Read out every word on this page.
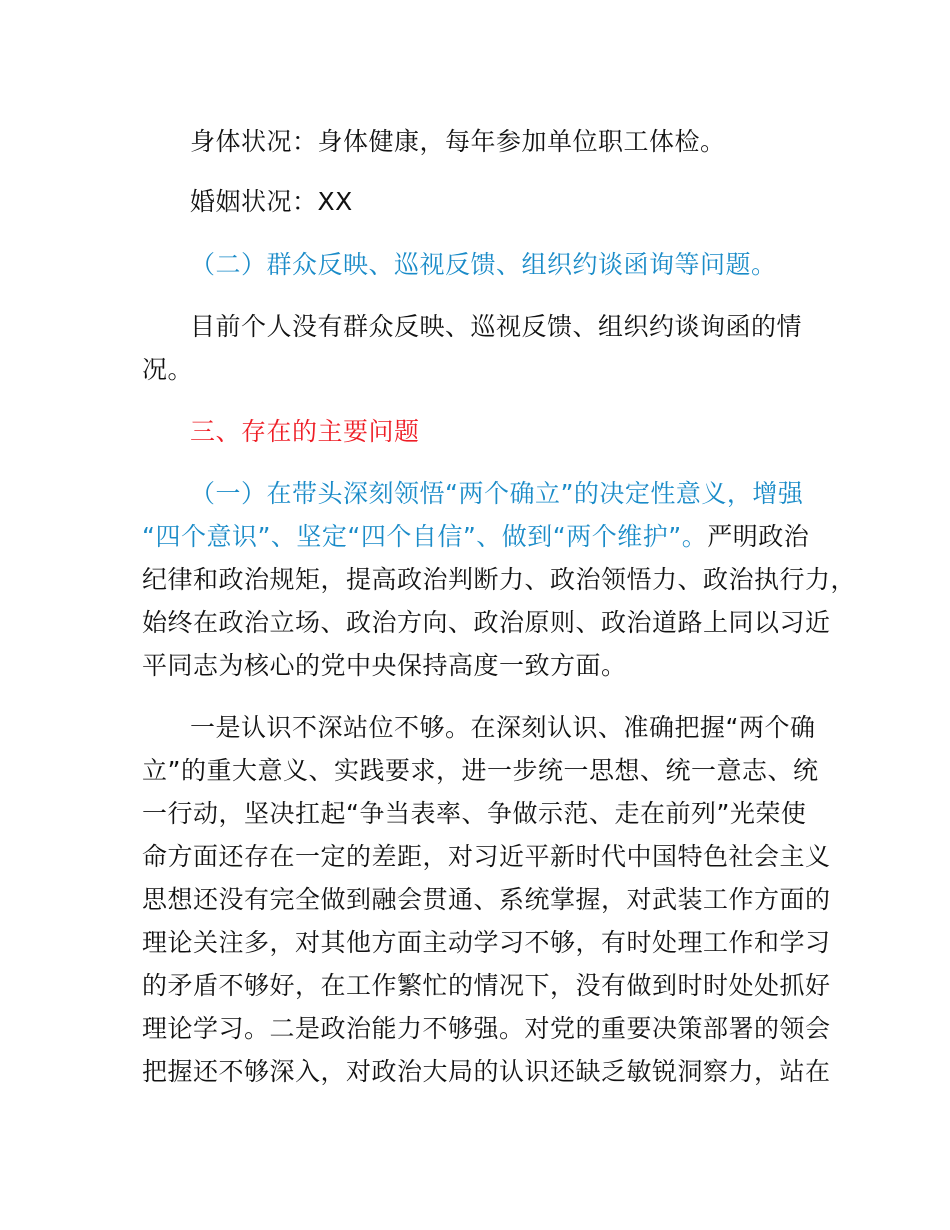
身体状况：身体健康，每年参加单位职工体检。
婚姻状况：XX
（二）群众反映、巡视反馈、组织约谈函询等问题。
目前个人没有群众反映、巡视反馈、组织约谈询函的情
况。
三、存在的主要问题
（一）在带头深刻领悟“两个确立”的决定性意义，增强
“四个意识”、坚定“四个自信”、做到“两个维护”。严明政治
纪律和政治规矩，提高政治判断力、政治领悟力、政治执行力，
始终在政治立场、政治方向、政治原则、政治道路上同以习近
平同志为核心的党中央保持高度一致方面。
一是认识不深站位不够。在深刻认识、准确把握“两个确
立”的重大意义、实践要求，进一步统一思想、统一意志、统
一行动，坚决扛起“争当表率、争做示范、走在前列”光荣使
命方面还存在一定的差距，对习近平新时代中国特色社会主义
思想还没有完全做到融会贯通、系统掌握，对武装工作方面的
理论关注多，对其他方面主动学习不够，有时处理工作和学习
的矛盾不够好，在工作繁忙的情况下，没有做到时时处处抓好
理论学习。二是政治能力不够强。对党的重要决策部署的领会
把握还不够深入，对政治大局的认识还缺乏敏锐洞察力，站在
